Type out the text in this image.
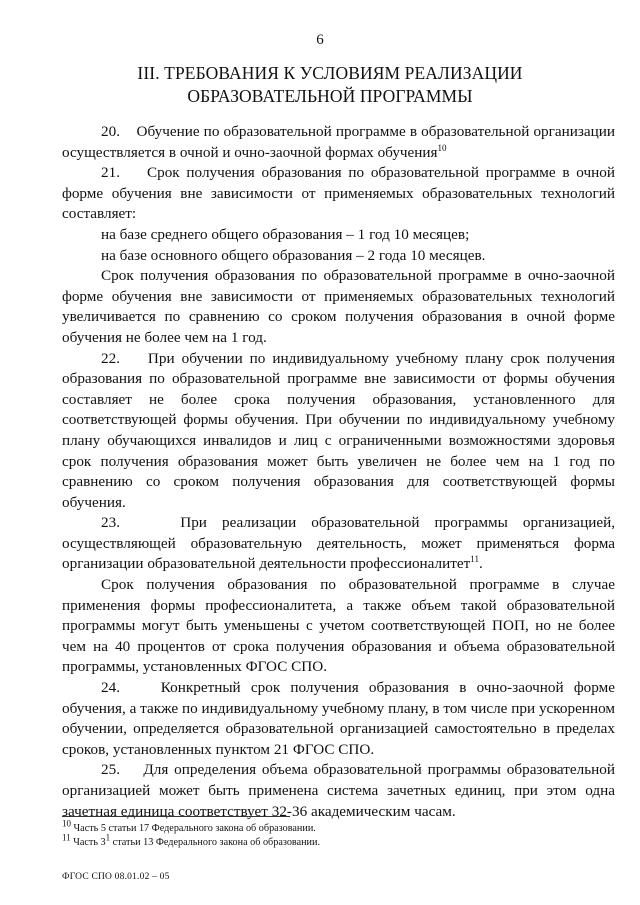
6
III. ТРЕБОВАНИЯ К УСЛОВИЯМ РЕАЛИЗАЦИИ ОБРАЗОВАТЕЛЬНОЙ ПРОГРАММЫ

20.    Обучение по образовательной программе в образовательной организации осуществляется в очной и очно-заочной формах обучения$^{10}$

21.    Срок получения образования по образовательной программе в очной форме обучения вне зависимости от применяемых образовательных технологий составляет:

на базе среднего общего образования – 1 год 10 месяцев;

на базе основного общего образования – 2 года 10 месяцев.

Срок получения образования по образовательной программе в очно-заочной форме обучения вне зависимости от применяемых образовательных технологий увеличивается по сравнению со сроком получения образования в очной форме обучения не более чем на 1 год.

22.    При обучении по индивидуальному учебному плану срок получения образования по образовательной программе вне зависимости от формы обучения составляет не более срока получения образования, установленного для соответствующей формы обучения. При обучении по индивидуальному учебному плану обучающихся инвалидов и лиц с ограниченными возможностями здоровья срок получения образования может быть увеличен не более чем на 1 год по сравнению со сроком получения образования для соответствующей формы обучения.

23.    При реализации образовательной программы организацией, осуществляющей образовательную деятельность, может применяться форма организации образовательной деятельности профессионалитет$^{11}$.

Срок получения образования по образовательной программе в случае применения формы профессионалитета, а также объем такой образовательной программы могут быть уменьшены с учетом соответствующей ПОП, но не более чем на 40 процентов от срока получения образования и объема образовательной программы, установленных ФГОС СПО.

24.    Конкретный срок получения образования в очно-заочной форме обучения, а также по индивидуальному учебному плану, в том числе при ускоренном обучении, определяется образовательной организацией самостоятельно в пределах сроков, установленных пунктом 21 ФГОС СПО.

25.    Для определения объема образовательной программы образовательной организацией может быть применена система зачетных единиц, при этом одна зачетная единица соответствует 32-36 академическим часам.

$^{10}$ Часть 5 статьи 17 Федерального закона об образовании.
$^{11}$ Часть $3^1$ статьи 13 Федерального закона об образовании.
ФГОС СПО 08.01.02 – 05
